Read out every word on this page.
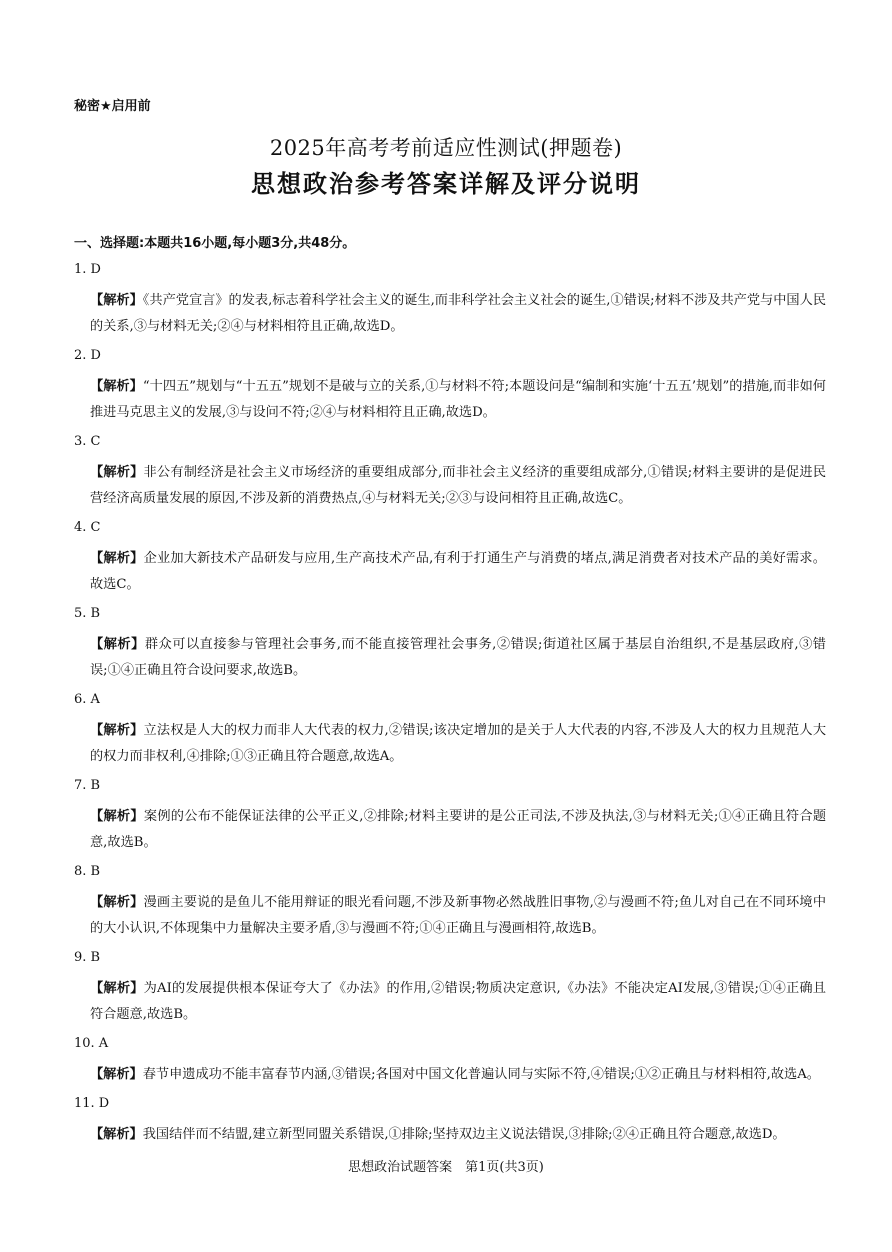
秘密★启用前
2025年高考考前适应性测试(押题卷)
思想政治参考答案详解及评分说明
一、选择题:本题共16小题,每小题3分,共48分。
1. D

【解析】《共产党宣言》的发表,标志着科学社会主义的诞生,而非科学社会主义社会的诞生,①错误;材料不涉及共产党与中国人民的关系,③与材料无关;②④与材料相符且正确,故选D。

2. D

【解析】“十四五”规划与“十五五”规划不是破与立的关系,①与材料不符;本题设问是“编制和实施‘十五五’规划”的措施,而非如何推进马克思主义的发展,③与设问不符;②④与材料相符且正确,故选D。

3. C

【解析】非公有制经济是社会主义市场经济的重要组成部分,而非社会主义经济的重要组成部分,①错误;材料主要讲的是促进民营经济高质量发展的原因,不涉及新的消费热点,④与材料无关;②③与设问相符且正确,故选C。

4. C

【解析】企业加大新技术产品研发与应用,生产高技术产品,有利于打通生产与消费的堵点,满足消费者对技术产品的美好需求。故选C。

5. B

【解析】群众可以直接参与管理社会事务,而不能直接管理社会事务,②错误;街道社区属于基层自治组织,不是基层政府,③错误;①④正确且符合设问要求,故选B。

6. A

【解析】立法权是人大的权力而非人大代表的权力,②错误;该决定增加的是关于人大代表的内容,不涉及人大的权力且规范人大的权力而非权利,④排除;①③正确且符合题意,故选A。

7. B

【解析】案例的公布不能保证法律的公平正义,②排除;材料主要讲的是公正司法,不涉及执法,③与材料无关;①④正确且符合题意,故选B。

8. B

【解析】漫画主要说的是鱼儿不能用辩证的眼光看问题,不涉及新事物必然战胜旧事物,②与漫画不符;鱼儿对自己在不同环境中的大小认识,不体现集中力量解决主要矛盾,③与漫画不符;①④正确且与漫画相符,故选B。

9. B

【解析】为AI的发展提供根本保证夸大了《办法》的作用,②错误;物质决定意识,《办法》不能决定AI发展,③错误;①④正确且符合题意,故选B。

10. A

【解析】春节申遗成功不能丰富春节内涵,③错误;各国对中国文化普遍认同与实际不符,④错误;①②正确且与材料相符,故选A。

11. D

【解析】我国结伴而不结盟,建立新型同盟关系错误,①排除;坚持双边主义说法错误,③排除;②④正确且符合题意,故选D。

思想政治试题答案　第1页(共3页)
